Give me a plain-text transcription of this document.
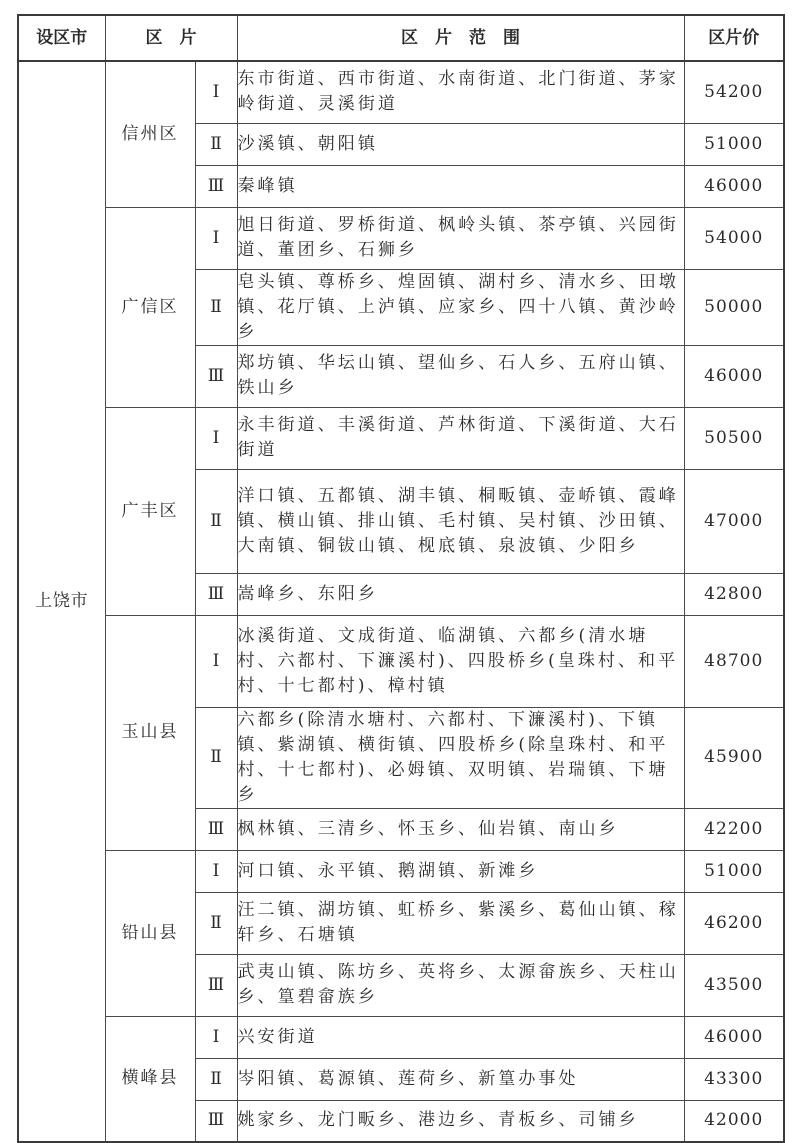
设区市	区　片		区　片　范　围	区片价
上饶市	信州区	Ⅰ	东市街道、西市街道、水南街道、北门街道、茅家岭街道、灵溪街道	54200
		Ⅱ	沙溪镇、朝阳镇	51000
		Ⅲ	秦峰镇	46000
	广信区	Ⅰ	旭日街道、罗桥街道、枫岭头镇、茶亭镇、兴园街道、董团乡、石狮乡	54000
		Ⅱ	皂头镇、尊桥乡、煌固镇、湖村乡、清水乡、田墩镇、花厅镇、上泸镇、应家乡、四十八镇、黄沙岭乡	50000
		Ⅲ	郑坊镇、华坛山镇、望仙乡、石人乡、五府山镇、铁山乡	46000
	广丰区	Ⅰ	永丰街道、丰溪街道、芦林街道、下溪街道、大石街道	50500
		Ⅱ	洋口镇、五都镇、湖丰镇、桐畈镇、壶峤镇、霞峰镇、横山镇、排山镇、毛村镇、吴村镇、沙田镇、大南镇、铜钹山镇、枧底镇、泉波镇、少阳乡	47000
		Ⅲ	嵩峰乡、东阳乡	42800
	玉山县	Ⅰ	冰溪街道、文成街道、临湖镇、六都乡(清水塘村、六都村、下濂溪村)、四股桥乡(皇珠村、和平村、十七都村)、樟村镇	48700
		Ⅱ	六都乡(除清水塘村、六都村、下濂溪村)、下镇镇、紫湖镇、横街镇、四股桥乡(除皇珠村、和平村、十七都村)、必姆镇、双明镇、岩瑞镇、下塘乡	45900
		Ⅲ	枫林镇、三清乡、怀玉乡、仙岩镇、南山乡	42200
	铅山县	Ⅰ	河口镇、永平镇、鹅湖镇、新滩乡	51000
		Ⅱ	汪二镇、湖坊镇、虹桥乡、紫溪乡、葛仙山镇、稼轩乡、石塘镇	46200
		Ⅲ	武夷山镇、陈坊乡、英将乡、太源畲族乡、天柱山乡、篁碧畲族乡	43500
	横峰县	Ⅰ	兴安街道	46000
		Ⅱ	岑阳镇、葛源镇、莲荷乡、新篁办事处	43300
		Ⅲ	姚家乡、龙门畈乡、港边乡、青板乡、司铺乡	42000
